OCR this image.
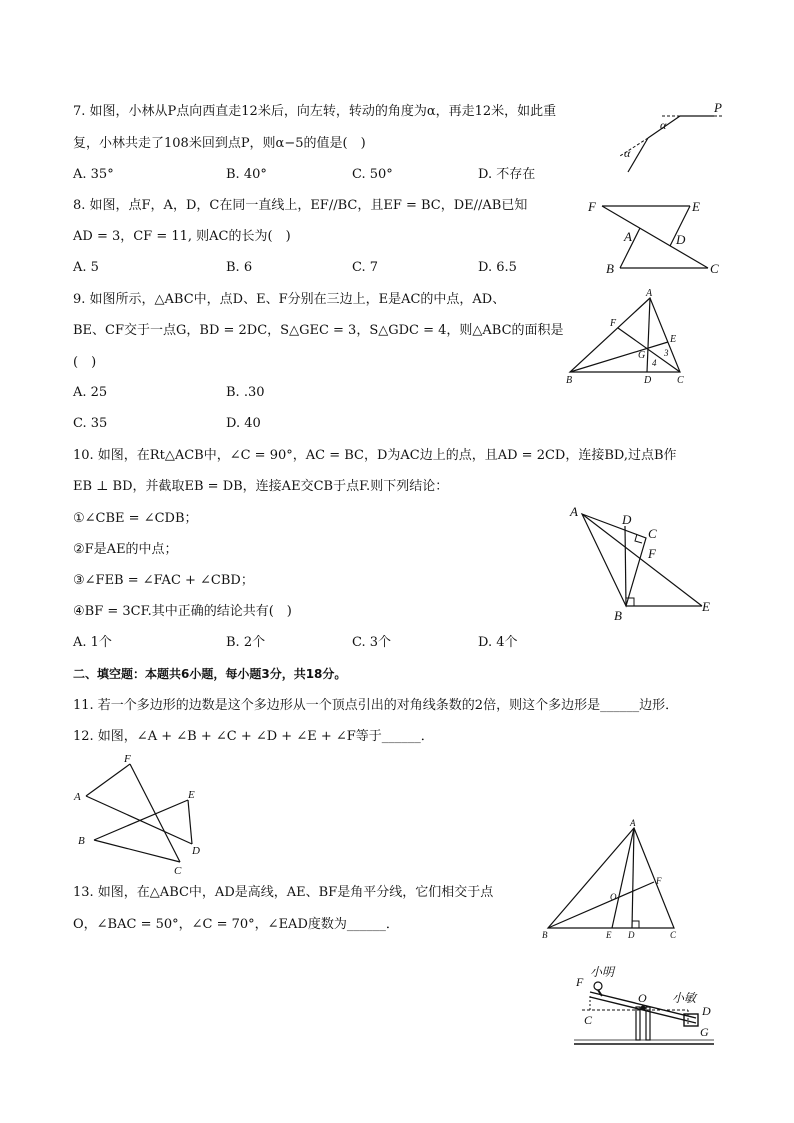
7. 如图，小林从P点向西直走12米后，向左转，转动的角度为α，再走12米，如此重
复，小林共走了108米回到点P，则α−5的值是(　)
A. 35°	B. 40°	C. 50°	D. 不存在
P
α
α
8. 如图，点F，A，D，C在同一直线上，EF//BC，且EF = BC，DE//AB已知
AD = 3，CF = 11, 则AC的长为(　)
A. 5	B. 6	C. 7	D. 6.5
F	E
A	D
B	C
9. 如图所示，△ABC中，点D、E、F分别在三边上，E是AC的中点，AD、
BE、CF交于一点G，BD = 2DC，S△GEC = 3，S△GDC = 4，则△ABC的面积是
(　)
A. 25	B. .30
C. 35	D. 40
A
F
E
G 3
4
B	D	C
10. 如图，在Rt△ACB中，∠C = 90°，AC = BC，D为AC边上的点，且AD = 2CD，连接BD,过点B作
EB ⊥ BD，并截取EB = DB，连接AE交CB于点F.则下列结论：
①∠CBE = ∠CDB；
②F是AE的中点；
③∠FEB = ∠FAC + ∠CBD；
④BF = 3CF.其中正确的结论共有(　)
A. 1个	B. 2个	C. 3个	D. 4个
A
D
C
F
B
E
二、填空题：本题共6小题，每小题3分，共18分。
11. 若一个多边形的边数是这个多边形从一个顶点引出的对角线条数的2倍，则这个多边形是______边形．
12. 如图，∠A + ∠B + ∠C + ∠D + ∠E + ∠F等于______．
F
A	E
B
D
C
13. 如图，在△ABC中，AD是高线，AE、BF是角平分线，它们相交于点
O，∠BAC = 50°，∠C = 70°，∠EAD度数为______．
A
F
O
B	E D	C
小明
小敏
F
O
C
D
G
